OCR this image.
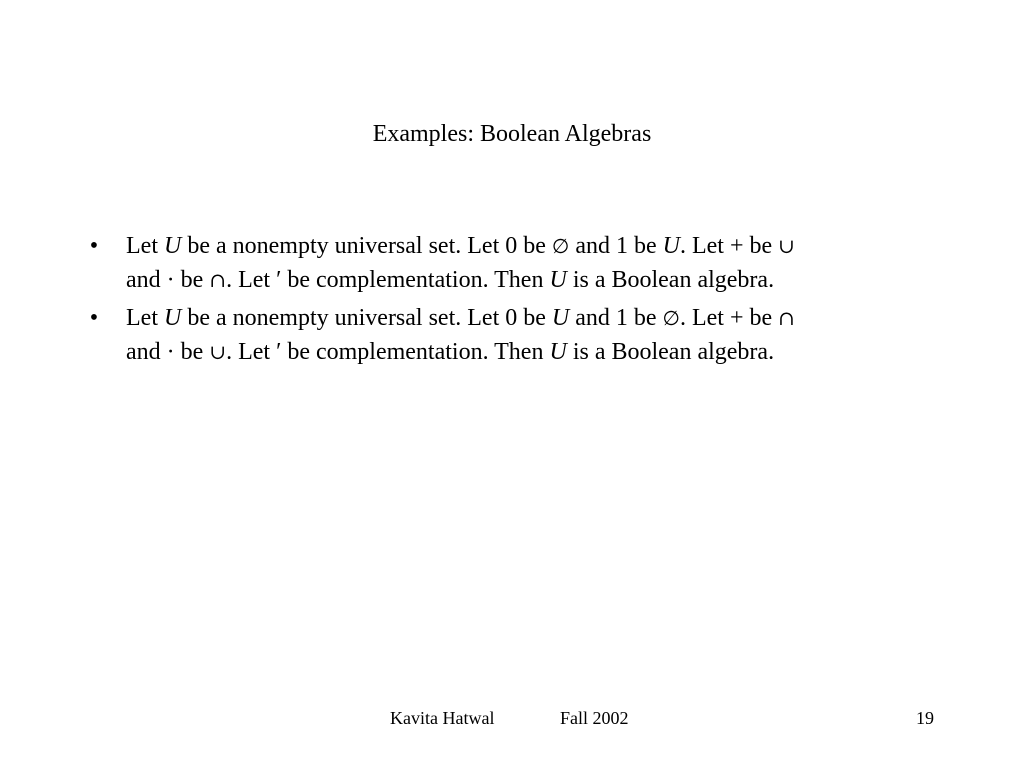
Examples: Boolean Algebras
• Let U be a nonempty universal set. Let 0 be ∅ and 1 be U. Let + be ∪
and · be ∩. Let ′ be complementation. Then U is a Boolean algebra.
• Let U be a nonempty universal set. Let 0 be U and 1 be ∅. Let + be ∩
and · be ∪. Let ′ be complementation. Then U is a Boolean algebra.
Kavita Hatwal	Fall 2002	19
